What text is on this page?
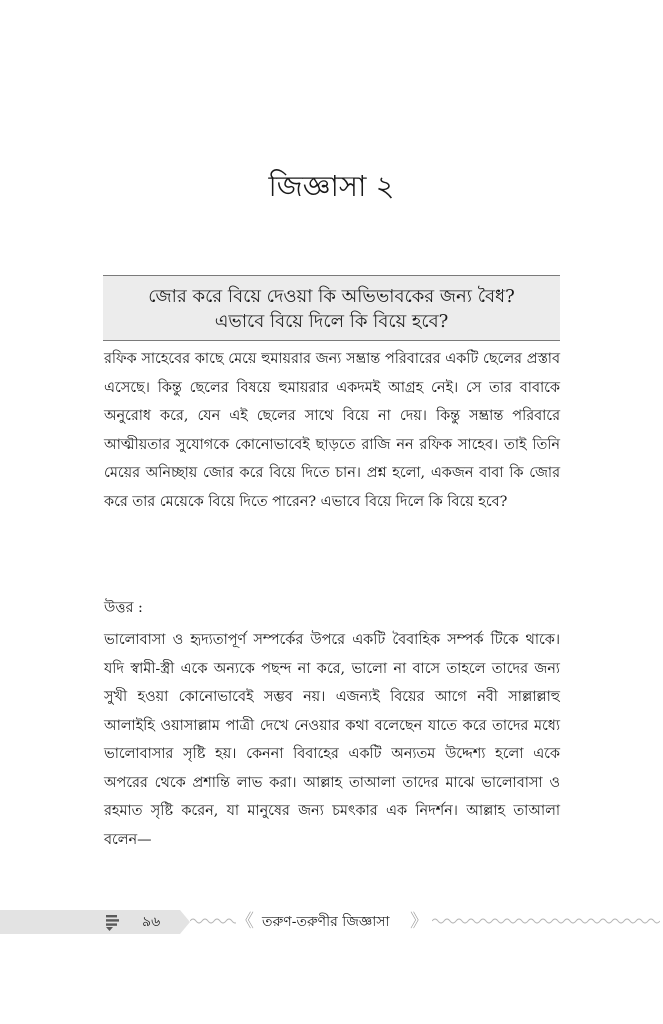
জিজ্ঞাসা ২
জোর করে বিয়ে দেওয়া কি অভিভাবকের জন্য বৈধ?
এভাবে বিয়ে দিলে কি বিয়ে হবে?

রফিক সাহেবের কাছে মেয়ে হুমায়রার জন্য সম্ভ্রান্ত পরিবারের একটি ছেলের প্রস্তাব এসেছে। কিন্তু ছেলের বিষয়ে হুমায়রার একদমই আগ্রহ নেই। সে তার বাবাকে অনুরোধ করে, যেন এই ছেলের সাথে বিয়ে না দেয়। কিন্তু সম্ভ্রান্ত পরিবারে আত্মীয়তার সুযোগকে কোনোভাবেই ছাড়তে রাজি নন রফিক সাহেব। তাই তিনি মেয়ের অনিচ্ছায় জোর করে বিয়ে দিতে চান। প্রশ্ন হলো, একজন বাবা কি জোর করে তার মেয়েকে বিয়ে দিতে পারেন? এভাবে বিয়ে দিলে কি বিয়ে হবে?

উত্তর :

ভালোবাসা ও হৃদ্যতাপূর্ণ সম্পর্কের উপরে একটি বৈবাহিক সম্পর্ক টিকে থাকে। যদি স্বামী-স্ত্রী একে অন্যকে পছন্দ না করে, ভালো না বাসে তাহলে তাদের জন্য সুখী হওয়া কোনোভাবেই সম্ভব নয়। এজন্যই বিয়ের আগে নবী সাল্লাল্লাহু আলাইহি ওয়াসাল্লাম পাত্রী দেখে নেওয়ার কথা বলেছেন যাতে করে তাদের মধ্যে ভালোবাসার সৃষ্টি হয়। কেননা বিবাহের একটি অন্যতম উদ্দেশ্য হলো একে অপরের থেকে প্রশান্তি লাভ করা। আল্লাহ তাআলা তাদের মাঝে ভালোবাসা ও রহমাত সৃষ্টি করেন, যা মানুষের জন্য চমৎকার এক নিদর্শন। আল্লাহ তাআলা বলেন—

৯৬	《 তরুণ-তরুণীর জিজ্ঞাসা 》
